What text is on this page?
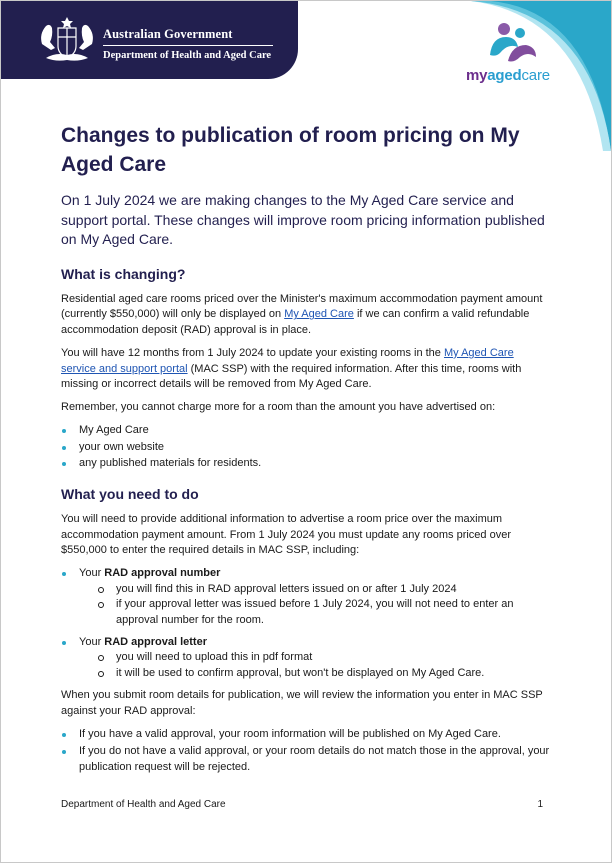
Australian Government
Department of Health and Aged Care
myagedcare
Changes to publication of room pricing on My Aged Care
On 1 July 2024 we are making changes to the My Aged Care service and support portal. These changes will improve room pricing information published on My Aged Care.
What is changing?

Residential aged care rooms priced over the Minister's maximum accommodation payment amount (currently $550,000) will only be displayed on My Aged Care if we can confirm a valid refundable accommodation deposit (RAD) approval is in place.

You will have 12 months from 1 July 2024 to update your existing rooms in the My Aged Care service and support portal (MAC SSP) with the required information. After this time, rooms with missing or incorrect details will be removed from My Aged Care.

Remember, you cannot charge more for a room than the amount you have advertised on:

My Aged Care
your own website
any published materials for residents.
What you need to do

You will need to provide additional information to advertise a room price over the maximum accommodation payment amount. From 1 July 2024 you must update any rooms priced over $550,000 to enter the required details in MAC SSP, including:

Your RAD approval number
you will find this in RAD approval letters issued on or after 1 July 2024
if your approval letter was issued before 1 July 2024, you will not need to enter an approval number for the room.
Your RAD approval letter
you will need to upload this in pdf format
it will be used to confirm approval, but won't be displayed on My Aged Care.

When you submit room details for publication, we will review the information you enter in MAC SSP against your RAD approval:

If you have a valid approval, your room information will be published on My Aged Care.
If you do not have a valid approval, or your room details do not match those in the approval, your publication request will be rejected.
Department of Health and Aged Care	1
